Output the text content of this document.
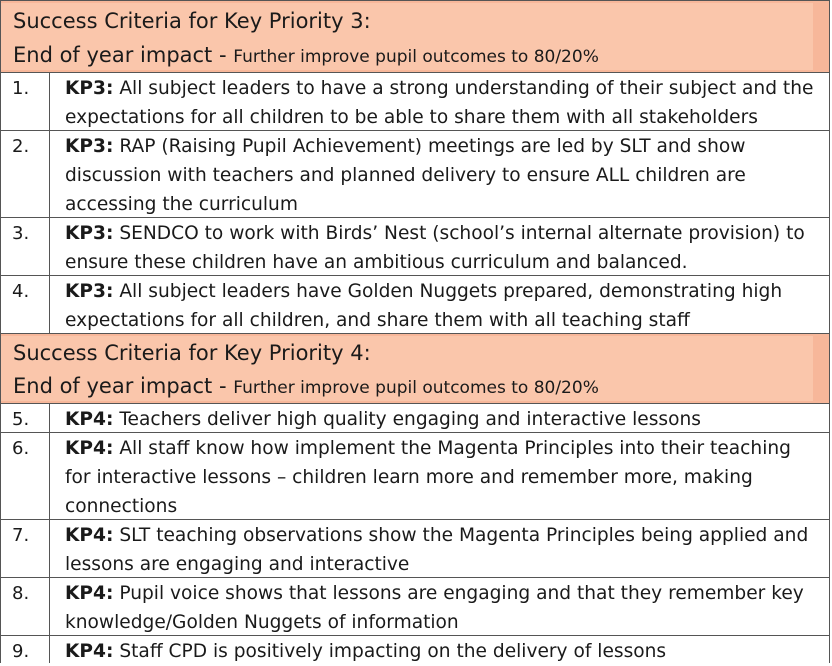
Success Criteria for Key Priority 3:
End of year impact - Further improve pupil outcomes to 80/20%
1.	KP3: All subject leaders to have a strong understanding of their subject and the
expectations for all children to be able to share them with all stakeholders
2.	KP3: RAP (Raising Pupil Achievement) meetings are led by SLT and show
discussion with teachers and planned delivery to ensure ALL children are
accessing the curriculum
3.	KP3: SENDCO to work with Birds’ Nest (school’s internal alternate provision) to
ensure these children have an ambitious curriculum and balanced.
4.	KP3: All subject leaders have Golden Nuggets prepared, demonstrating high
expectations for all children, and share them with all teaching staff
Success Criteria for Key Priority 4:
End of year impact - Further improve pupil outcomes to 80/20%
5.	KP4: Teachers deliver high quality engaging and interactive lessons
6.	KP4: All staff know how implement the Magenta Principles into their teaching
for interactive lessons – children learn more and remember more, making
connections
7.	KP4: SLT teaching observations show the Magenta Principles being applied and
lessons are engaging and interactive
8.	KP4: Pupil voice shows that lessons are engaging and that they remember key
knowledge/Golden Nuggets of information
9.	KP4: Staff CPD is positively impacting on the delivery of lessons
